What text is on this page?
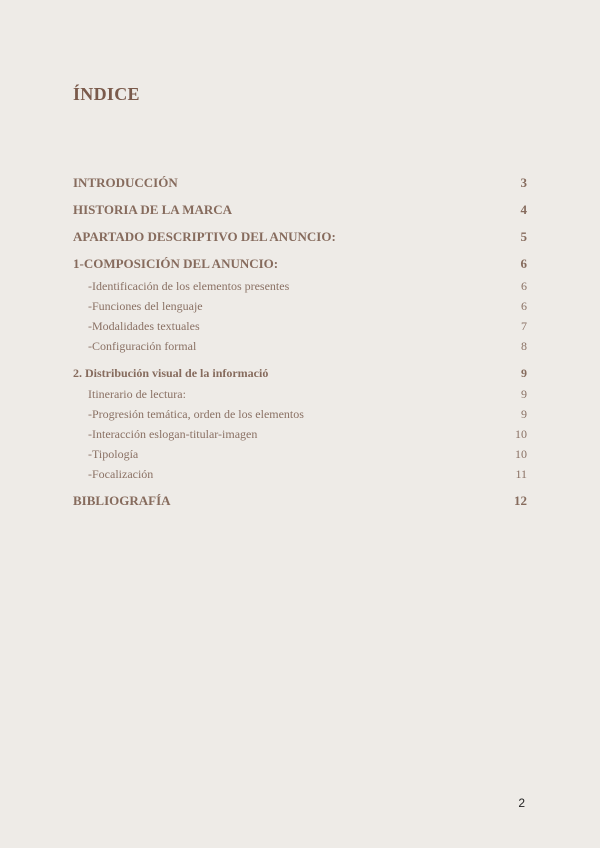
ÍNDICE
INTRODUCCIÓN	3
HISTORIA DE LA MARCA	4
APARTADO DESCRIPTIVO DEL ANUNCIO:	5
1-COMPOSICIÓN DEL ANUNCIO:	6
-Identificación de los elementos presentes	6
-Funciones del lenguaje	6
-Modalidades textuales	7
-Configuración formal	8
2. Distribución visual de la informació	9
Itinerario de lectura:	9
-Progresión temática, orden de los elementos	9
-Interacción eslogan-titular-imagen	10
-Tipología	10
-Focalización	11
BIBLIOGRAFÍA	12
2
